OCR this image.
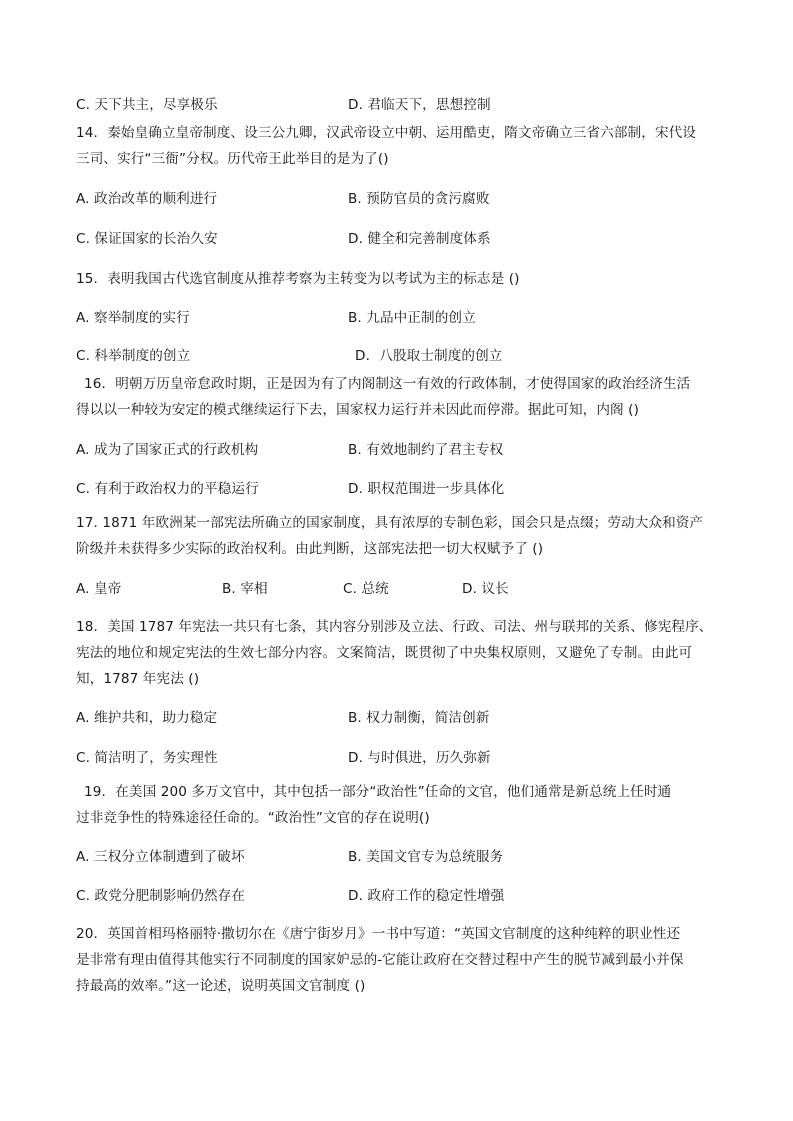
C. 天下共主，尽享极乐	D. 君临天下，思想控制
14．秦始皇确立皇帝制度、设三公九卿，汉武帝设立中朝、运用酷吏，隋文帝确立三省六部制，宋代设
三司、实行“三衙”分权。历代帝王此举目的是为了()
A. 政治改革的顺利进行	B. 预防官员的贪污腐败
C. 保证国家的长治久安	D. 健全和完善制度体系
15．表明我国古代选官制度从推荐考察为主转变为以考试为主的标志是 ()
A. 察举制度的实行	B. 九品中正制的创立
C. 科举制度的创立	D．八股取士制度的创立
16．明朝万历皇帝怠政时期，正是因为有了内阁制这一有效的行政体制，才使得国家的政治经济生活
得以以一种较为安定的模式继续运行下去，国家权力运行并未因此而停滞。据此可知，内阁 ()
A. 成为了国家正式的行政机构	B. 有效地制约了君主专权
C. 有利于政治权力的平稳运行	D. 职权范围进一步具体化
17. 1871 年欧洲某一部宪法所确立的国家制度，具有浓厚的专制色彩，国会只是点缀；劳动大众和资产
阶级并未获得多少实际的政治权利。由此判断，这部宪法把一切大权赋予了 ()
A. 皇帝	B. 宰相	C. 总统	D. 议长
18．美国 1787 年宪法一共只有七条，其内容分别涉及立法、行政、司法、州与联邦的关系、修宪程序、
宪法的地位和规定宪法的生效七部分内容。文案简洁，既贯彻了中央集权原则，又避免了专制。由此可
知，1787 年宪法 ()
A. 维护共和，助力稳定	B. 权力制衡，简洁创新
C. 简洁明了，务实理性	D. 与时俱进，历久弥新
19．在美国 200 多万文官中，其中包括一部分“政治性”任命的文官，他们通常是新总统上任时通
过非竞争性的特殊途径任命的。“政治性”文官的存在说明()
A. 三权分立体制遭到了破坏	B. 美国文官专为总统服务
C. 政党分肥制影响仍然存在	D. 政府工作的稳定性增强
20．英国首相玛格丽特·撒切尔在《唐宁街岁月》一书中写道：“英国文官制度的这种纯粹的职业性还
是非常有理由值得其他实行不同制度的国家妒忌的-它能让政府在交替过程中产生的脱节减到最小并保
持最高的效率。”这一论述，说明英国文官制度 ()
